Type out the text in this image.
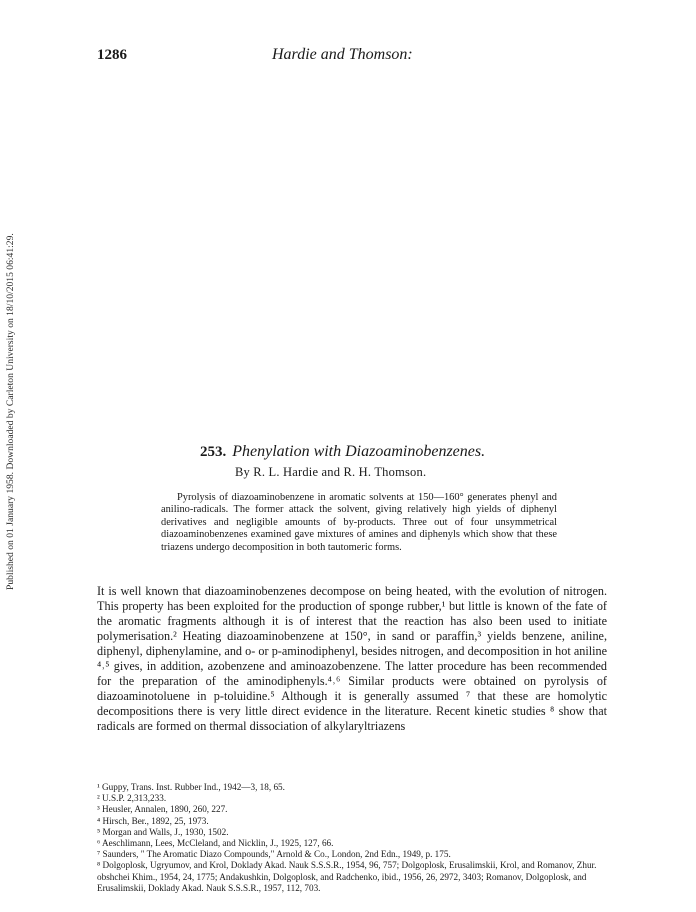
1286	Hardie and Thomson:
Published on 01 January 1958. Downloaded by Carleton University on 18/10/2015 06:41:29.	253. Phenylation with Diazoaminobenzenes.
By R. L. Hardie and R. H. Thomson.

Pyrolysis of diazoaminobenzene in aromatic solvents at 150—160° generates phenyl and anilino-radicals. The former attack the solvent, giving relatively high yields of diphenyl derivatives and negligible amounts of by-products. Three out of four unsymmetrical diazoaminobenzenes examined gave mixtures of amines and diphenyls which show that these triazens undergo decomposition in both tautomeric forms.

It is well known that diazoaminobenzenes decompose on being heated, with the evolution of nitrogen. This property has been exploited for the production of sponge rubber,¹ but little is known of the fate of the aromatic fragments although it is of interest that the reaction has also been used to initiate polymerisation.² Heating diazoaminobenzene at 150°, in sand or paraffin,³ yields benzene, aniline, diphenyl, diphenylamine, and o- or p-aminodiphenyl, besides nitrogen, and decomposition in hot aniline ⁴˒⁵ gives, in addition, azobenzene and aminoazobenzene. The latter procedure has been recommended for the preparation of the aminodiphenyls.⁴˒⁶ Similar products were obtained on pyrolysis of diazoaminotoluene in p-toluidine.⁵ Although it is generally assumed ⁷ that these are homolytic decompositions there is very little direct evidence in the literature. Recent kinetic studies ⁸ show that radicals are formed on thermal dissociation of alkylaryltriazens

¹ Guppy, Trans. Inst. Rubber Ind., 1942—3, 18, 65.

² U.S.P. 2,313,233.

³ Heusler, Annalen, 1890, 260, 227.

⁴ Hirsch, Ber., 1892, 25, 1973.

⁵ Morgan and Walls, J., 1930, 1502.

⁶ Aeschlimann, Lees, McCleland, and Nicklin, J., 1925, 127, 66.

⁷ Saunders, " The Aromatic Diazo Compounds," Arnold & Co., London, 2nd Edn., 1949, p. 175.

⁸ Dolgoplosk, Ugryumov, and Krol, Doklady Akad. Nauk S.S.S.R., 1954, 96, 757; Dolgoplosk, Erusalimskii, Krol, and Romanov, Zhur. obshchei Khim., 1954, 24, 1775; Andakushkin, Dolgoplosk, and Radchenko, ibid., 1956, 26, 2972, 3403; Romanov, Dolgoplosk, and Erusalimskii, Doklady Akad. Nauk S.S.S.R., 1957, 112, 703.
